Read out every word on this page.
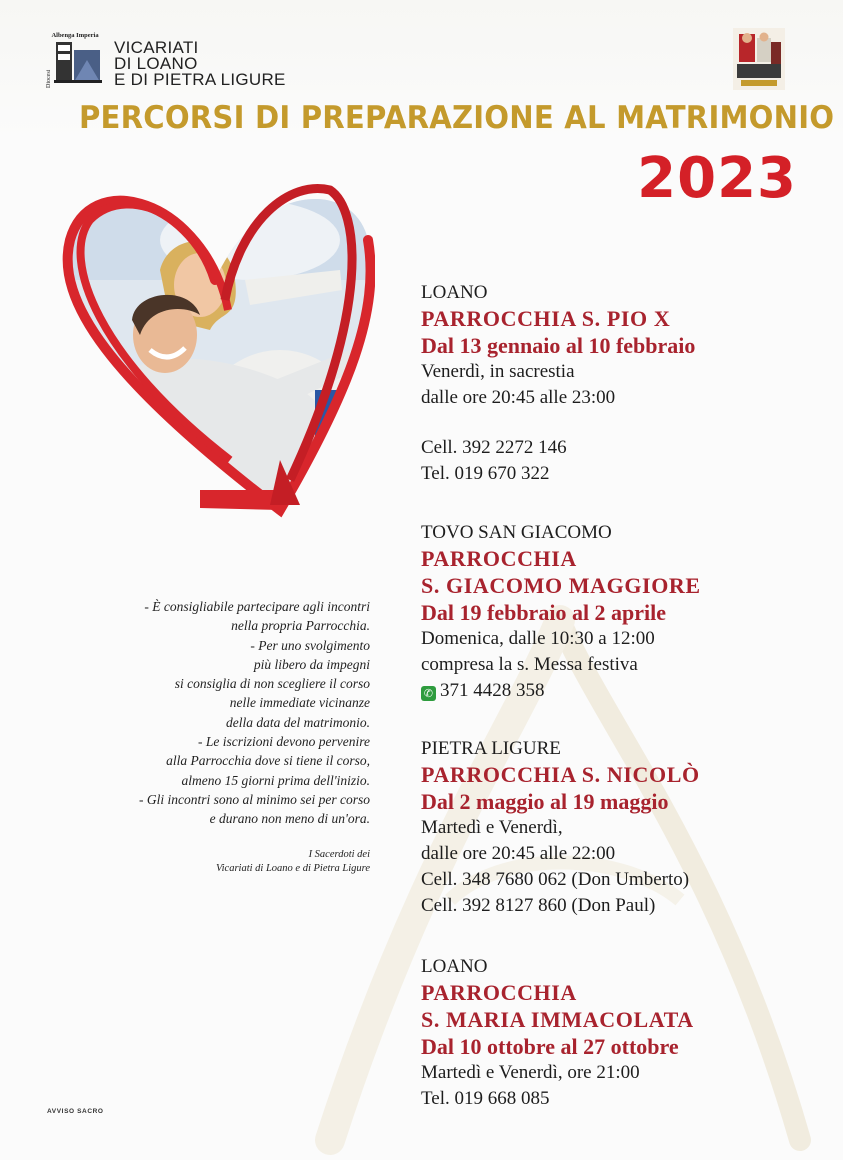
Albenga Imperia
Diocesi
VICARIATI
DI LOANO
E DI PIETRA LIGURE
PERCORSI DI PREPARAZIONE AL MATRIMONIO
2023
- È consigliabile partecipare agli incontri
nella propria Parrocchia.
- Per uno svolgimento
più libero da impegni
si consiglia di non scegliere il corso
nelle immediate vicinanze
della data del matrimonio.
- Le iscrizioni devono pervenire
alla Parrocchia dove si tiene il corso,
almeno 15 giorni prima dell'inizio.
- Gli incontri sono al minimo sei per corso
e durano non meno di un'ora.
I Sacerdoti dei
Vicariati di Loano e di Pietra Ligure
AVVISO SACRO
LOANO
PARROCCHIA S. PIO X
Dal 13 gennaio al 10 febbraio
Venerdì, in sacrestia
dalle ore 20:45 alle 23:00
Cell. 392 2272 146
Tel. 019 670 322
TOVO SAN GIACOMO
PARROCCHIA
S. GIACOMO MAGGIORE
Dal 19 febbraio al 2 aprile
Domenica, dalle 10:30 a 12:00
compresa la s. Messa festiva
✆ 371 4428 358
PIETRA LIGURE
PARROCCHIA S. NICOLÒ
Dal 2 maggio al 19 maggio
Martedì e Venerdì,
dalle ore 20:45 alle 22:00
Cell. 348 7680 062 (Don Umberto)
Cell. 392 8127 860 (Don Paul)
LOANO
PARROCCHIA
S. MARIA IMMACOLATA
Dal 10 ottobre al 27 ottobre
Martedì e Venerdì, ore 21:00
Tel. 019 668 085
